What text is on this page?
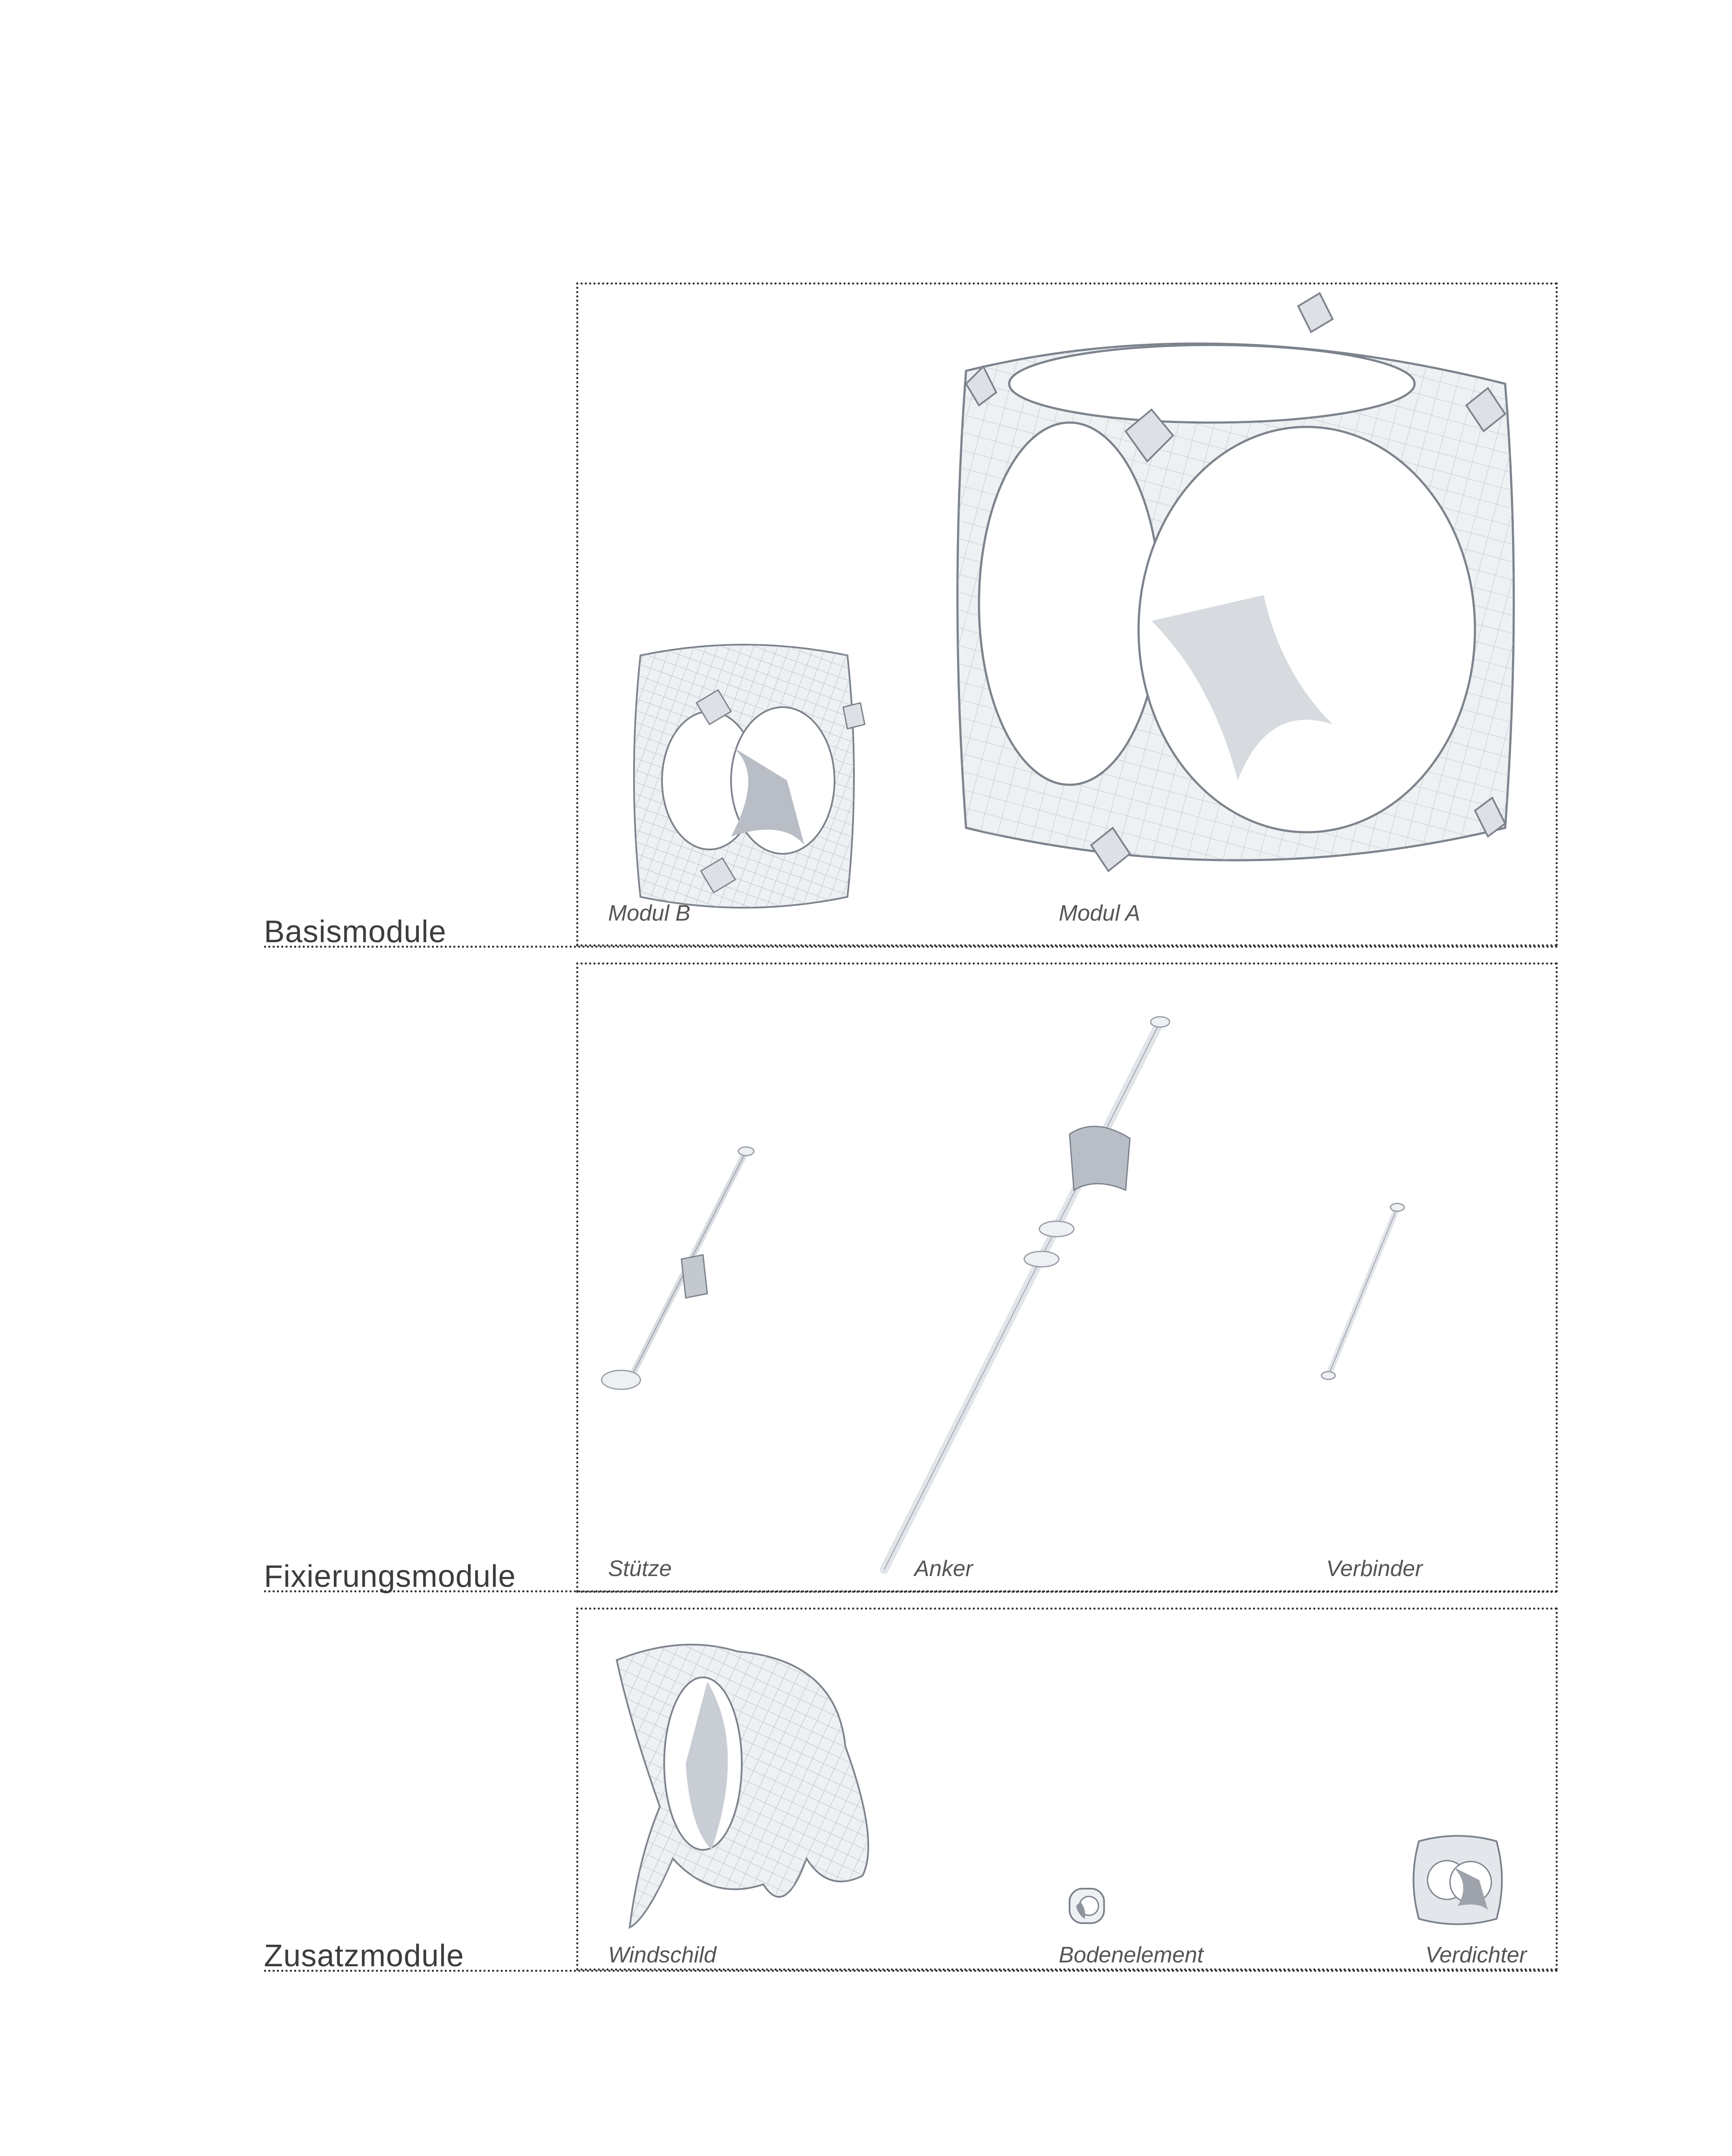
Basismodule
Modul B	Modul A
Fixierungsmodule	Stütze	Anker	Verbinder
Zusatzmodule	Windschild	Bodenelement	Verdichter
